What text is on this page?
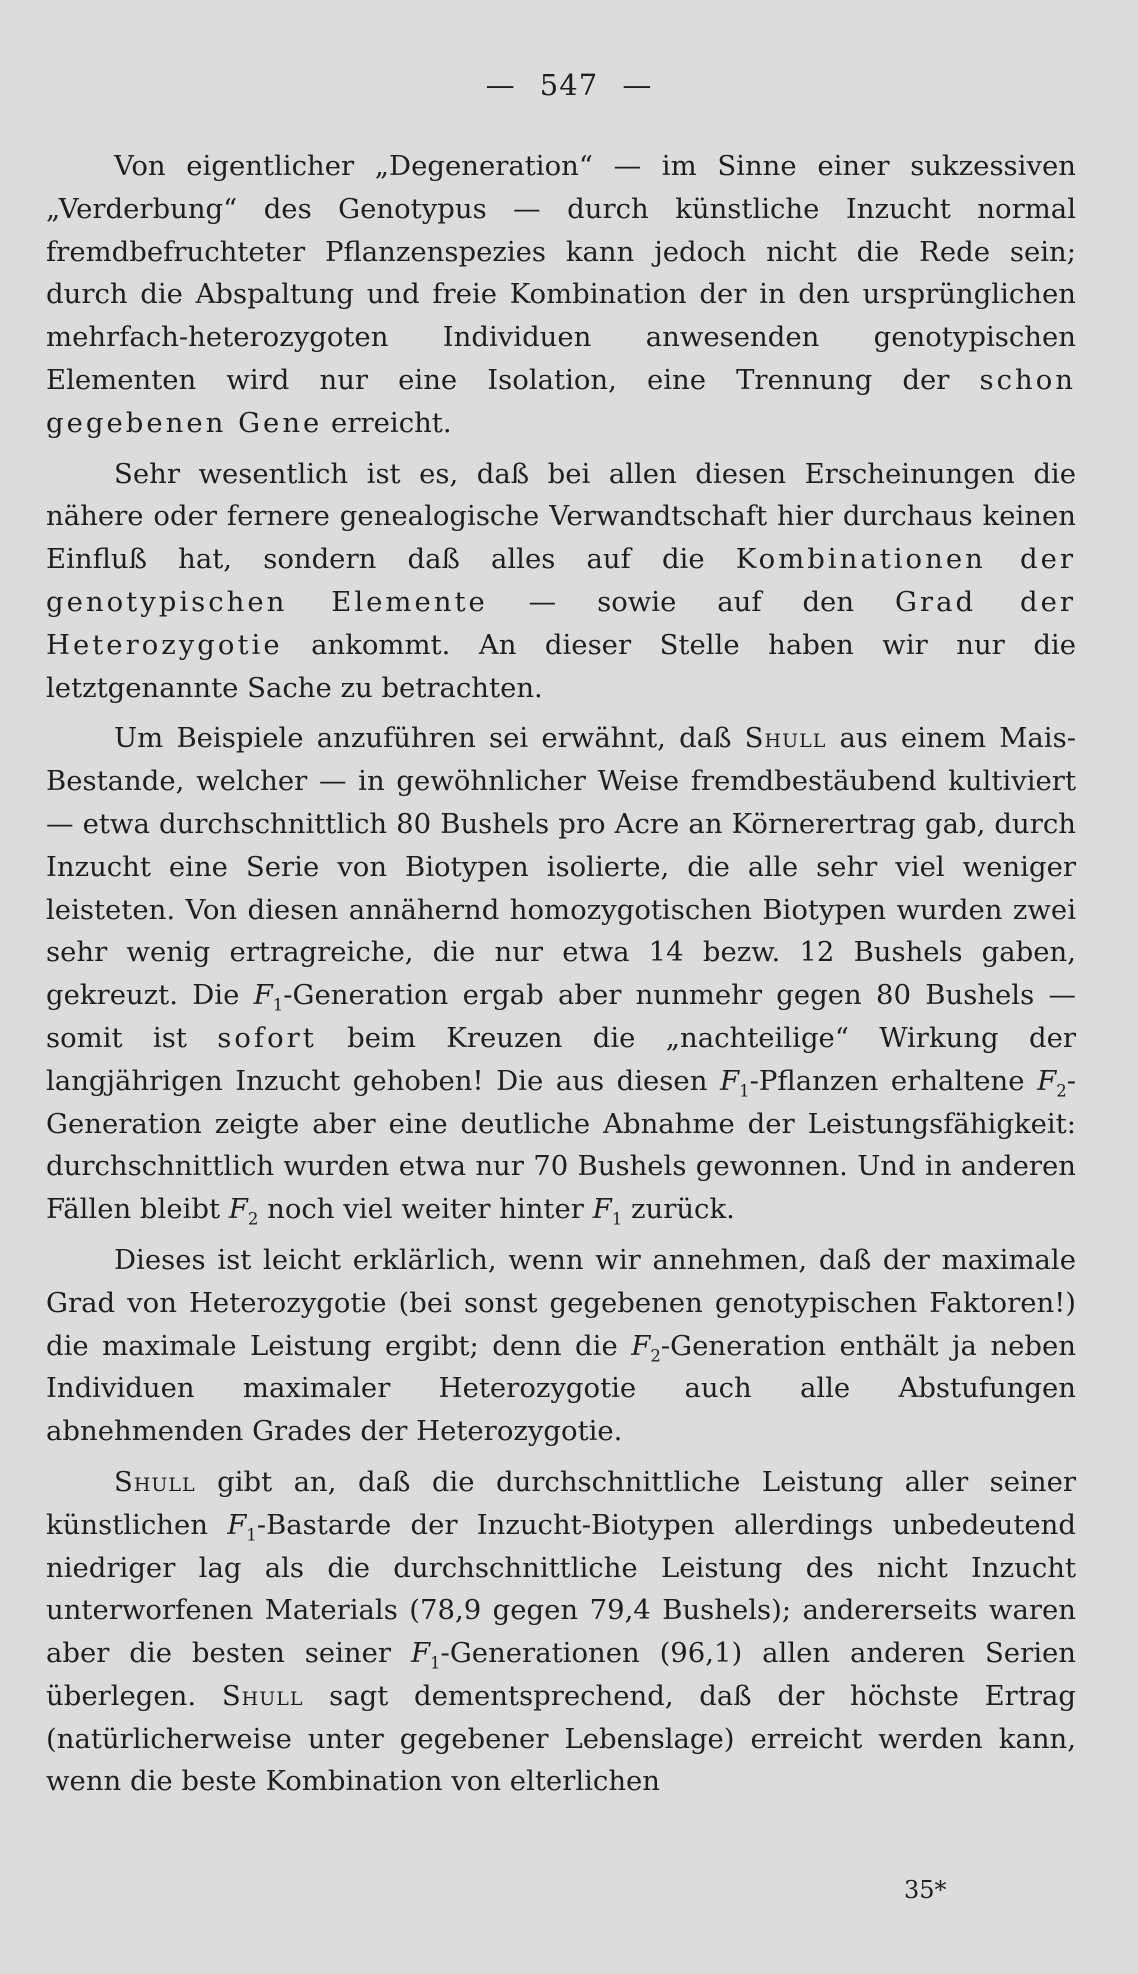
— 547 —

Von eigentlicher „Degeneration“ — im Sinne einer sukzessiven „Verderbung“ des Genotypus — durch künstliche Inzucht normal fremdbefruchteter Pflanzenspezies kann jedoch nicht die Rede sein; durch die Abspaltung und freie Kombination der in den ursprünglichen mehrfach-heterozygoten Individuen anwesenden genotypischen Elementen wird nur eine Isolation, eine Trennung der schon gegebenen Gene erreicht.

Sehr wesentlich ist es, daß bei allen diesen Erscheinungen die nähere oder fernere genealogische Verwandtschaft hier durchaus keinen Einfluß hat, sondern daß alles auf die Kombinationen der genotypischen Elemente — sowie auf den Grad der Heterozygotie ankommt. An dieser Stelle haben wir nur die letztgenannte Sache zu betrachten.

Um Beispiele anzuführen sei erwähnt, daß Shull aus einem Mais-Bestande, welcher — in gewöhnlicher Weise fremdbestäubend kultiviert — etwa durchschnittlich 80 Bushels pro Acre an Körnerertrag gab, durch Inzucht eine Serie von Biotypen isolierte, die alle sehr viel weniger leisteten. Von diesen annähernd homozygotischen Biotypen wurden zwei sehr wenig ertragreiche, die nur etwa 14 bezw. 12 Bushels gaben, gekreuzt. Die $F_1$-Generation ergab aber nunmehr gegen 80 Bushels — somit ist sofort beim Kreuzen die „nachteilige“ Wirkung der langjährigen Inzucht gehoben! Die aus diesen $F_1$-Pflanzen erhaltene $F_2$-Generation zeigte aber eine deutliche Abnahme der Leistungsfähigkeit: durchschnittlich wurden etwa nur 70 Bushels gewonnen. Und in anderen Fällen bleibt $F_2$ noch viel weiter hinter $F_1$ zurück.

Dieses ist leicht erklärlich, wenn wir annehmen, daß der maximale Grad von Heterozygotie (bei sonst gegebenen genotypischen Faktoren!) die maximale Leistung ergibt; denn die $F_2$-Generation enthält ja neben Individuen maximaler Heterozygotie auch alle Abstufungen abnehmenden Grades der Heterozygotie.

Shull gibt an, daß die durchschnittliche Leistung aller seiner künstlichen $F_1$-Bastarde der Inzucht-Biotypen allerdings unbedeutend niedriger lag als die durchschnittliche Leistung des nicht Inzucht unterworfenen Materials (78,9 gegen 79,4 Bushels); andererseits waren aber die besten seiner $F_1$-Generationen (96,1) allen anderen Serien überlegen. Shull sagt dementsprechend, daß der höchste Ertrag (natürlicherweise unter gegebener Lebenslage) erreicht werden kann, wenn die beste Kombination von elterlichen

35*
